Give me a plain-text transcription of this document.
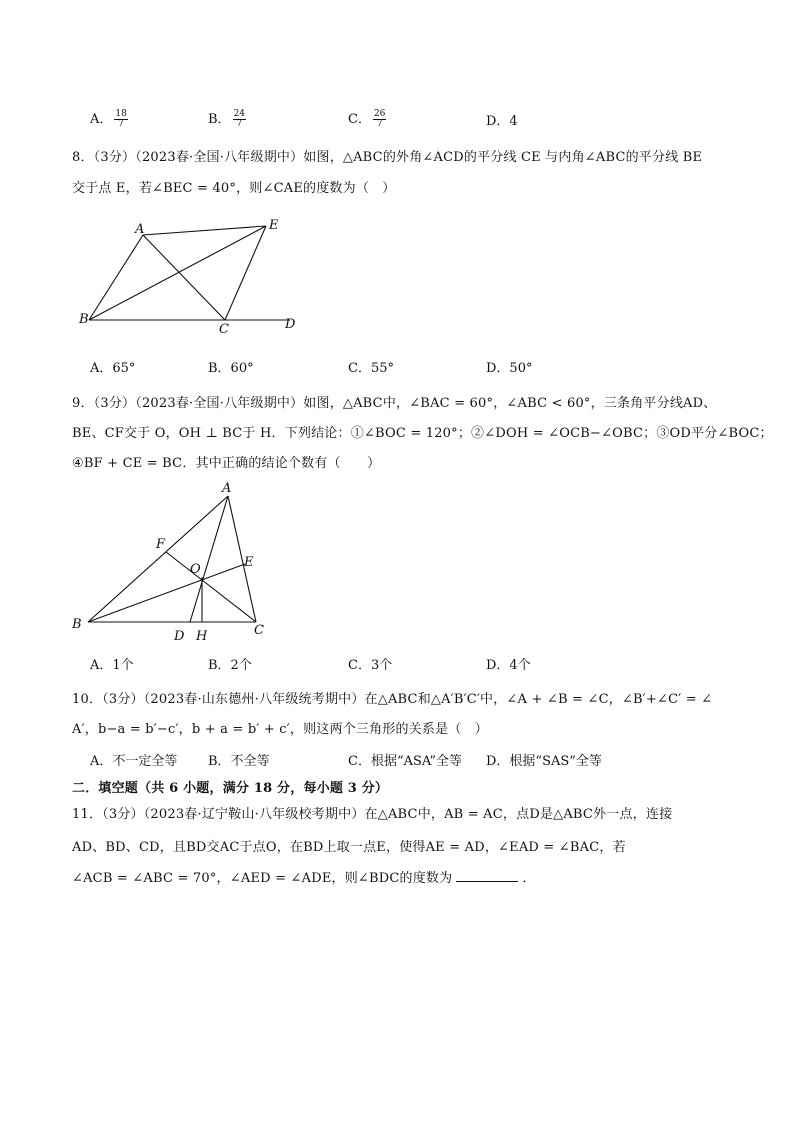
A． $\frac{18}{7}$	B． $\frac{24}{7}$	C． $\frac{26}{7}$	D．4
8．（3分）（2023春·全国·八年级期中）如图，△ABC的外角∠ACD的平分线 CE 与内角∠ABC的平分线 BE
交于点 E，若∠BEC = 40°，则∠CAE的度数为（　）
A
B
C	D
E
A．65°	B．60°	C．55°	D．50°
9．（3分）（2023春·全国·八年级期中）如图，△ABC中，∠BAC = 60°，∠ABC < 60°，三条角平分线AD、
BE、CF交于 O，OH ⊥ BC于 H．下列结论：①∠BOC = 120°；②∠DOH = ∠OCB−∠OBC；③OD平分∠BOC；
④BF + CE = BC．其中正确的结论个数有（　　）
A
B	C
D
E
F
H
O
A．1个	B．2个	C．3个	D．4个
10．（3分）（2023春·山东德州·八年级统考期中）在△ABC和△A′B′C′中，∠A + ∠B = ∠C，∠B′+∠C′ = ∠
A′，b−a = b′−c′，b + a = b′ + c′，则这两个三角形的关系是（　）
A．不一定全等 B．不全等	C．根据“ASA”全等 D．根据“SAS”全等
二．填空题（共 6 小题，满分 18 分，每小题 3 分）
11．（3分）（2023春·辽宁鞍山·八年级校考期中）在△ABC中，AB = AC，点D是△ABC外一点，连接
AD、BD、CD，且BD交AC于点O，在BD上取一点E，使得AE = AD，∠EAD = ∠BAC，若
∠ACB = ∠ABC = 70°，∠AED = ∠ADE，则∠BDC的度数为	．
